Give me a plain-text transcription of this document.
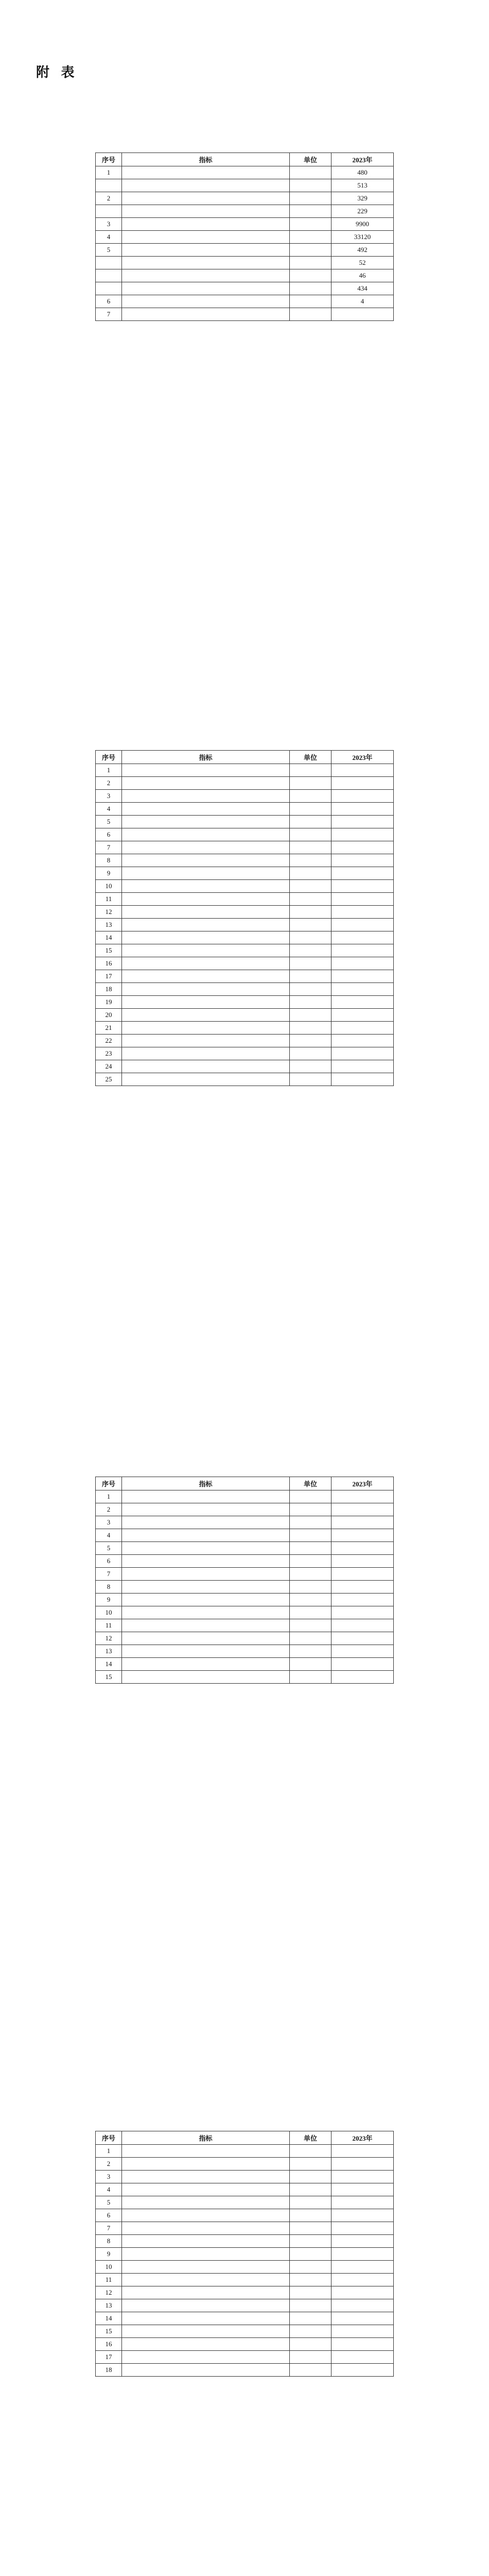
附 表
序号	指标	单位	2023年
1			480
			513
2			329
			229
3			9900
4			33120
5			492
			52
			46
			434
6			4
7			
序号	指标	单位	2023年
1			
2			
3			
4			
5			
6			
7			
8			
9			
10			
11			
12			
13			
14			
15			
16			
17			
18			
19			
20			
21			
22			
23			
24			
25			
序号	指标	单位	2023年
1			
2			
3			
4			
5			
6			
7			
8			
9			
10			
11			
12			
13			
14			
15			
序号	指标	单位	2023年
1			
2			
3			
4			
5			
6			
7			
8			
9			
10			
11			
12			
13			
14			
15			
16			
17			
18			
